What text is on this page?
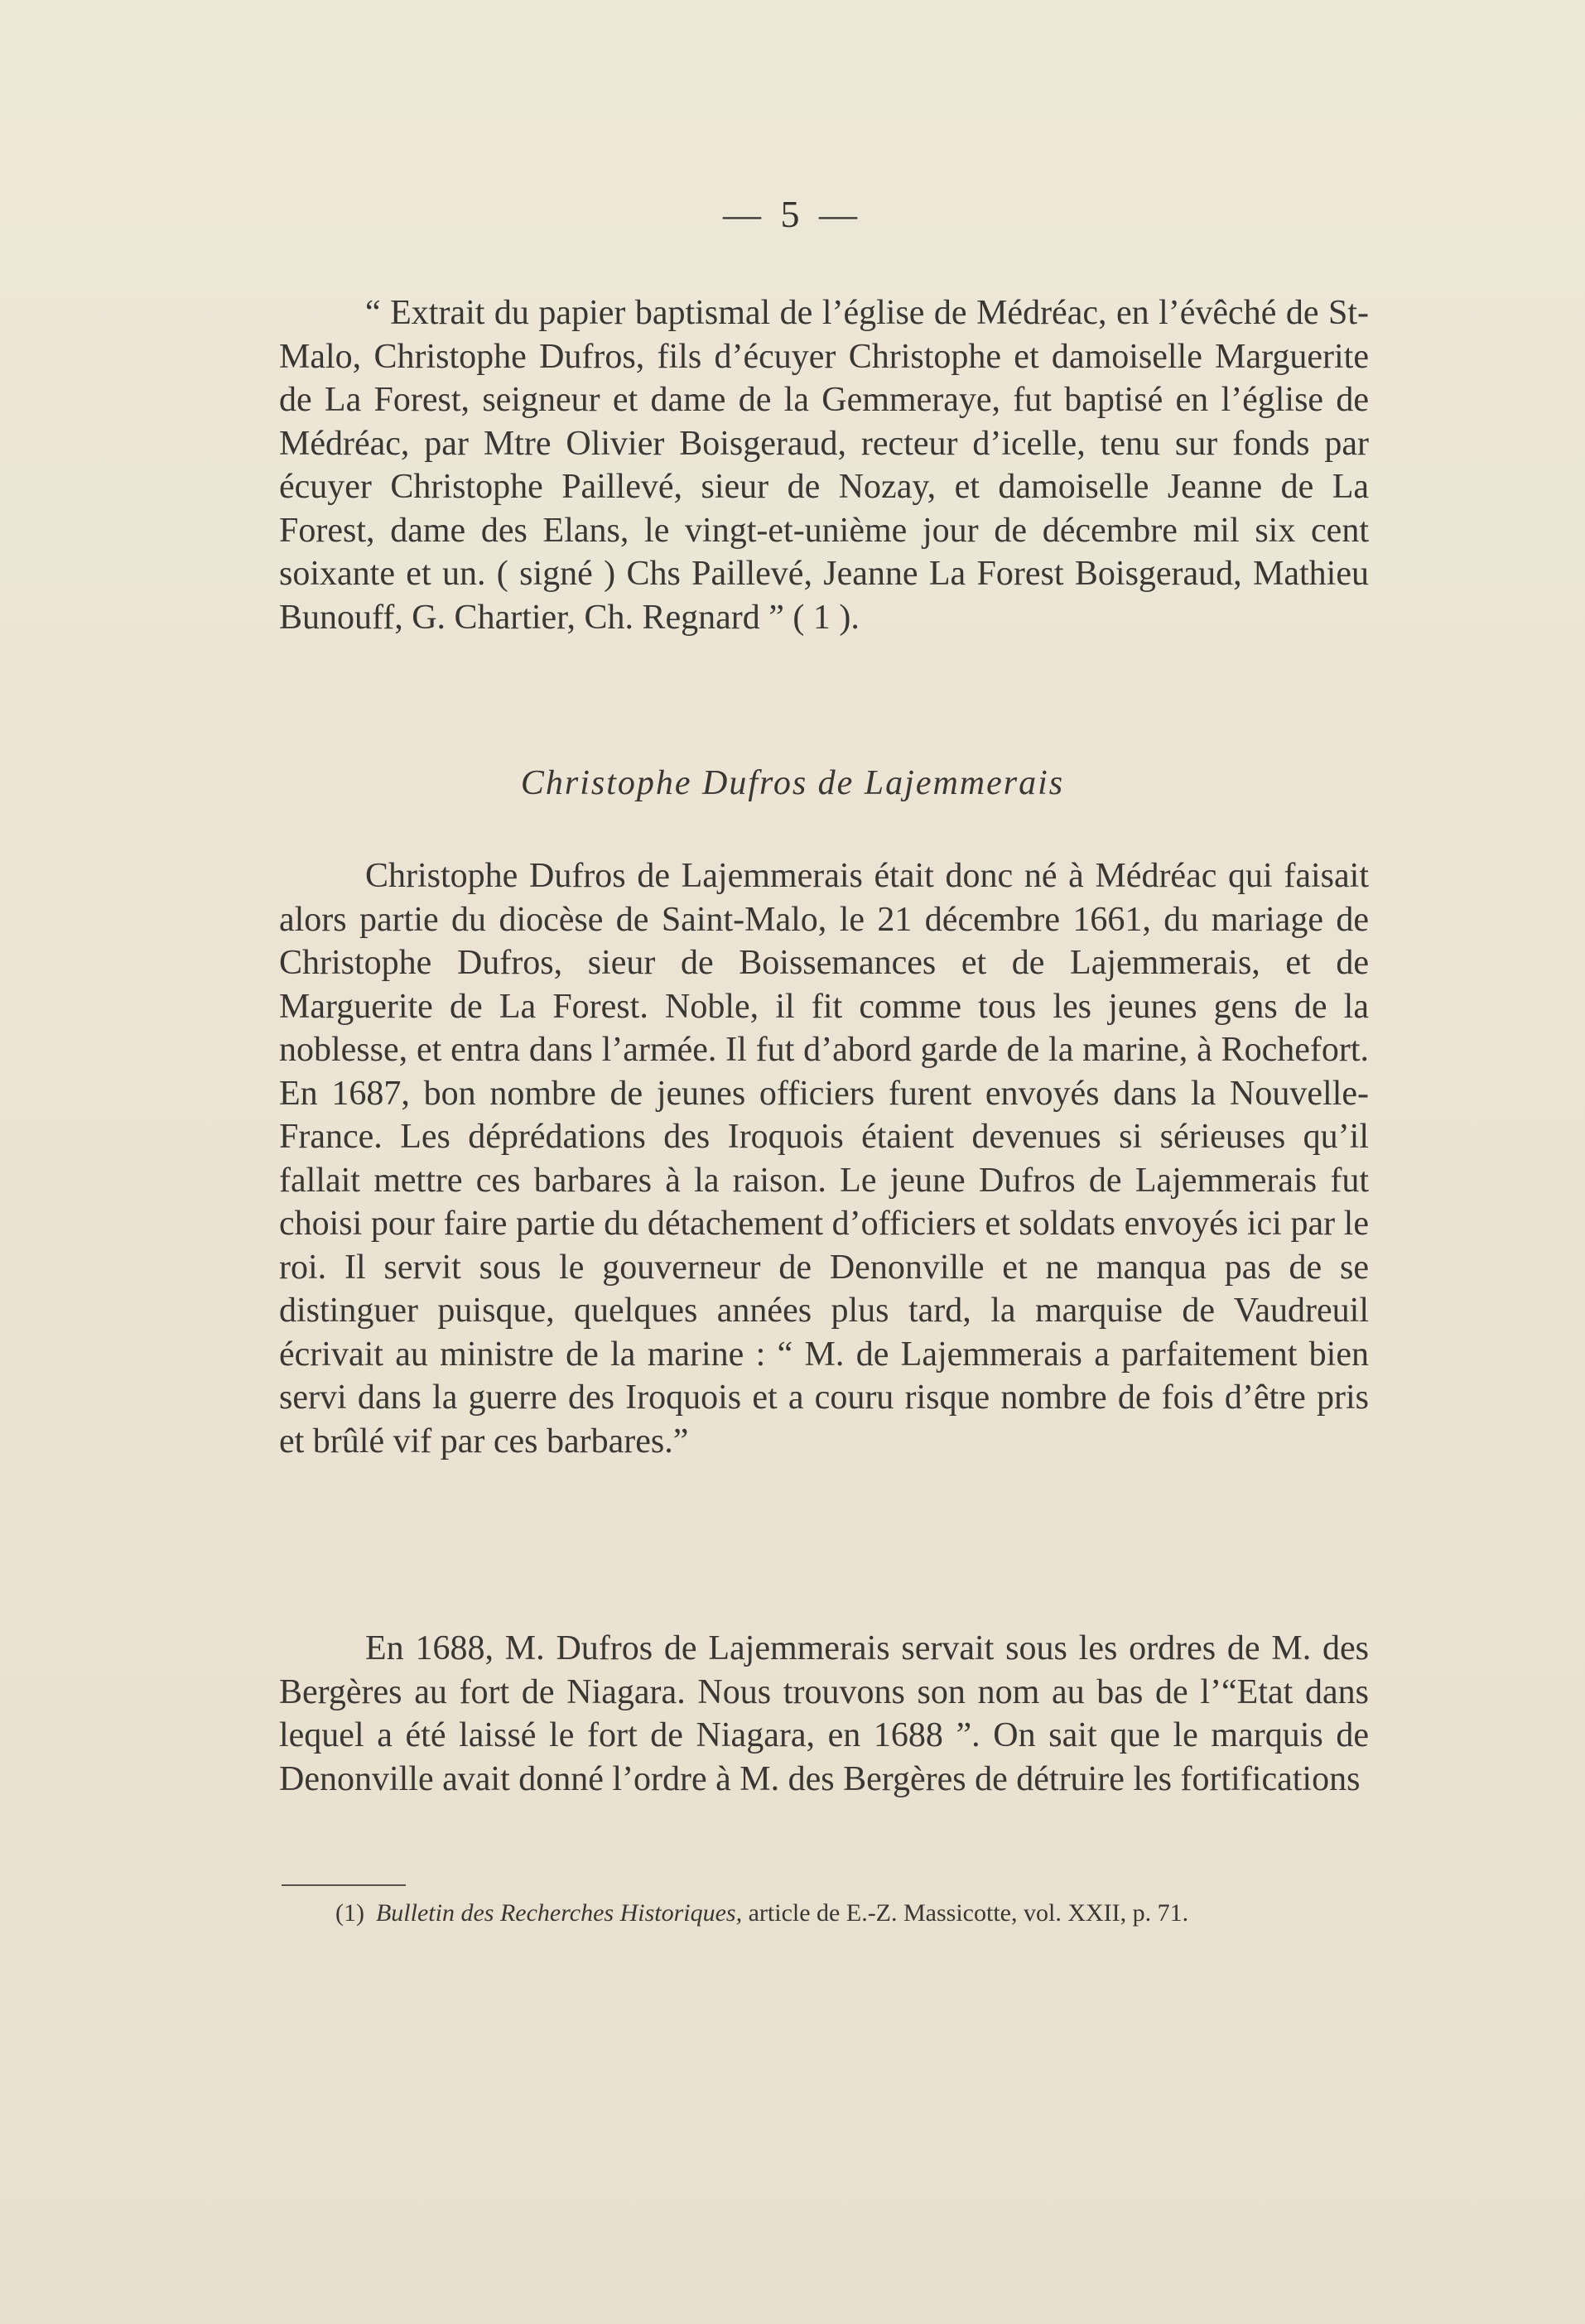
— 5 —

“ Extrait du papier baptismal de l’église de Médréac, en l’évêché de St-Malo, Christophe Dufros, fils d’écuyer Christophe et damoiselle Marguerite de La Forest, seigneur et dame de la Gemmeraye, fut baptisé en l’église de Médréac, par Mtre Olivier Boisgeraud, recteur d’icelle, tenu sur fonds par écuyer Christophe Paillevé, sieur de Nozay, et damoiselle Jeanne de La Forest, dame des Elans, le vingt-et-unième jour de décembre mil six cent soixante et un. ( signé ) Chs Paillevé, Jeanne La Forest Boisgeraud, Mathieu Bunouff, G. Chartier, Ch. Regnard ” ( 1 ).

Christophe Dufros de Lajemmerais

Christophe Dufros de Lajemmerais était donc né à Médréac qui faisait alors partie du diocèse de Saint-Malo, le 21 décembre 1661, du mariage de Christophe Dufros, sieur de Boissemances et de Lajemmerais, et de Marguerite de La Forest. Noble, il fit comme tous les jeunes gens de la noblesse, et entra dans l’armée. Il fut d’abord garde de la marine, à Rochefort. En 1687, bon nombre de jeunes officiers furent envoyés dans la Nouvelle-France. Les déprédations des Iroquois étaient devenues si sérieuses qu’il fallait mettre ces barbares à la raison. Le jeune Dufros de Lajemmerais fut choisi pour faire partie du détachement d’officiers et soldats envoyés ici par le roi. Il servit sous le gouverneur de Denonville et ne manqua pas de se distinguer puisque, quelques années plus tard, la marquise de Vaudreuil écrivait au ministre de la marine : “ M. de Lajemmerais a parfaitement bien servi dans la guerre des Iroquois et a couru risque nombre de fois d’être pris et brûlé vif par ces barbares.”

En 1688, M. Dufros de Lajemmerais servait sous les ordres de M. des Bergères au fort de Niagara. Nous trouvons son nom au bas de l’“Etat dans lequel a été laissé le fort de Niagara, en 1688 ”. On sait que le marquis de Denonville avait donné l’ordre à M. des Bergères de détruire les fortifications

(1) Bulletin des Recherches Historiques, article de E.-Z. Massicotte, vol. XXII, p. 71.
